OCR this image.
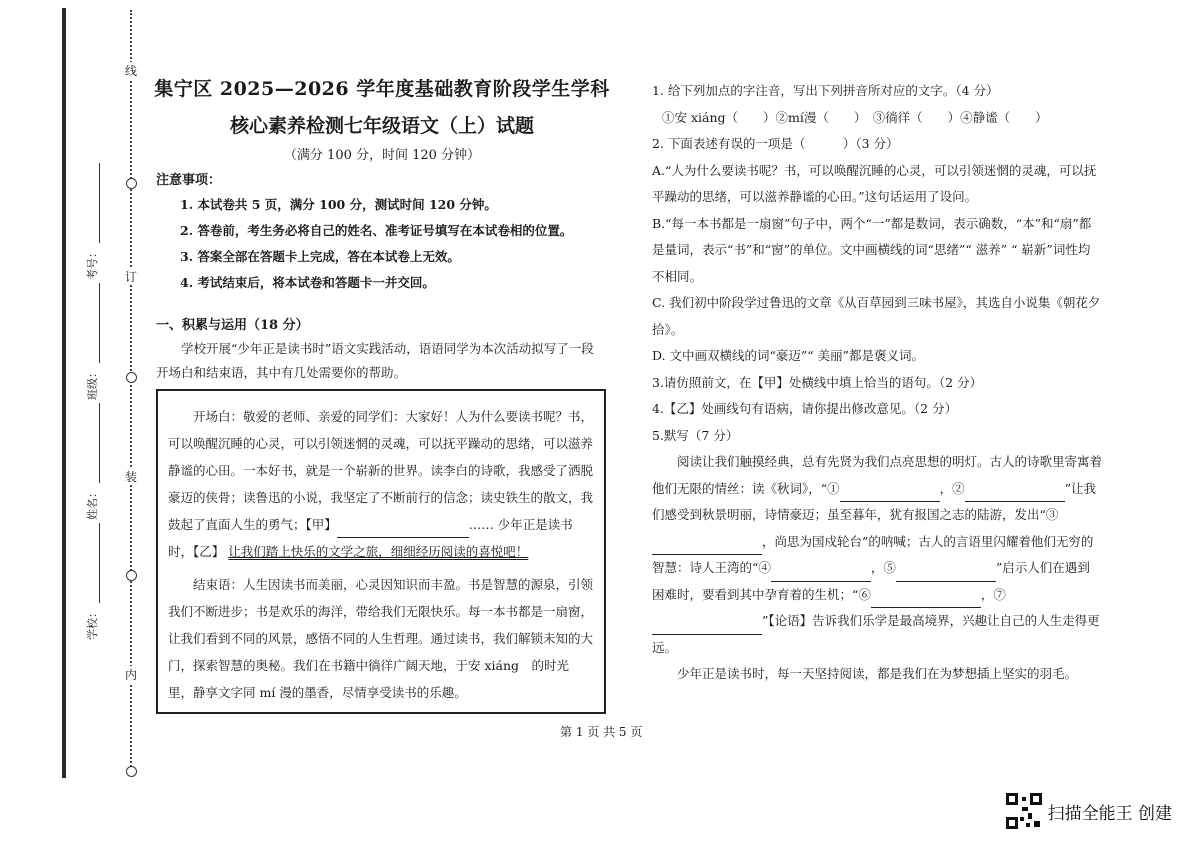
线
订
装
内
学校：
姓名：
班级：
考号：
集宁区 2025—2026 学年度基础教育阶段学生学科
核心素养检测七年级语文（上）试题
（满分 100 分，时间 120 分钟）
注意事项：
1. 本试卷共 5 页，满分 100 分，测试时间 120 分钟。
2. 答卷前，考生务必将自己的姓名、准考证号填写在本试卷相的位置。
3. 答案全部在答题卡上完成，答在本试卷上无效。
4. 考试结束后，将本试卷和答题卡一并交回。
一、积累与运用（18 分）
学校开展“少年正是读书时”语文实践活动，语语同学为本次活动拟写了一段开场白和结束语，其中有几处需要你的帮助。

开场白：敬爱的老师、亲爱的同学们：大家好！人为什么要读书呢？书，可以唤醒沉睡的心灵，可以引领迷惘的灵魂，可以抚平躁动的思绪，可以滋养静谧的心田。一本好书，就是一个崭新的世界。读李白的诗歌，我感受了洒脱豪迈的侠骨；读鲁迅的小说，我坚定了不断前行的信念；读史铁生的散文，我鼓起了直面人生的勇气；【甲】	…… 少年正是读书时，【乙】 让我们踏上快乐的文学之旅，细细经历阅读的喜悦吧！

结束语：人生因读书而美丽，心灵因知识而丰盈。书是智慧的源泉，引领我们不断进步；书是欢乐的海洋，带给我们无限快乐。每一本书都是一扇窗，让我们看到不同的风景，感悟不同的人生哲理。通过读书，我们解锁未知的大门，探索智慧的奥秘。我们在书籍中徜徉广阔天地，于安 xiáng　的时光里，静享文字同 mí 漫的墨香，尽情享受读书的乐趣。

1. 给下列加点的字注音，写出下列拼音所对应的文字。（4 分）

①安 xiáng（　　）②mí漫（　　）　③徜徉（　　）④静谧（　　）

2. 下面表述有误的一项是（　　　）（3 分）

A.“人为什么要读书呢？书，可以唤醒沉睡的心灵，可以引领迷惘的灵魂，可以抚平躁动的思绪，可以滋养静谧的心田。”这句话运用了设问。

B.“每一本书都是一扇窗”句子中，两个“一”都是数词，表示确数，“本”和“扇”都是量词，表示“书”和“窗”的单位。文中画横线的词“思绪”“ 滋养” “ 崭新”词性均不相同。

C. 我们初中阶段学过鲁迅的文章《从百草园到三味书屋》，其选自小说集《朝花夕拾》。

D. 文中画双横线的词“豪迈”“ 美丽”都是褒义词。

3.请仿照前文，在【甲】处横线中填上恰当的语句。（2 分）

4.【乙】处画线句有语病，请你提出修改意见。（2 分）

5.默写（7 分）

阅读让我们触摸经典，总有先贤为我们点亮思想的明灯。古人的诗歌里寄寓着他们无限的情丝：读《秋词》，“①	，②	”让我们感受到秋景明丽，诗情豪迈；虽至暮年，犹有报国之志的陆游，发出“③，尚思为国戍轮台”的呐喊；古人的言语里闪耀着他们无穷的智慧：诗人王湾的“④	，⑤	”启示人们在遇到困难时，要看到其中孕育着的生机；“⑥	，⑦”【论语】告诉我们乐学是最高境界，兴趣让自己的人生走得更远。

少年正是读书时，每一天坚持阅读，都是我们在为梦想插上坚实的羽毛。

第 1 页 共 5 页
扫描全能王 创建
